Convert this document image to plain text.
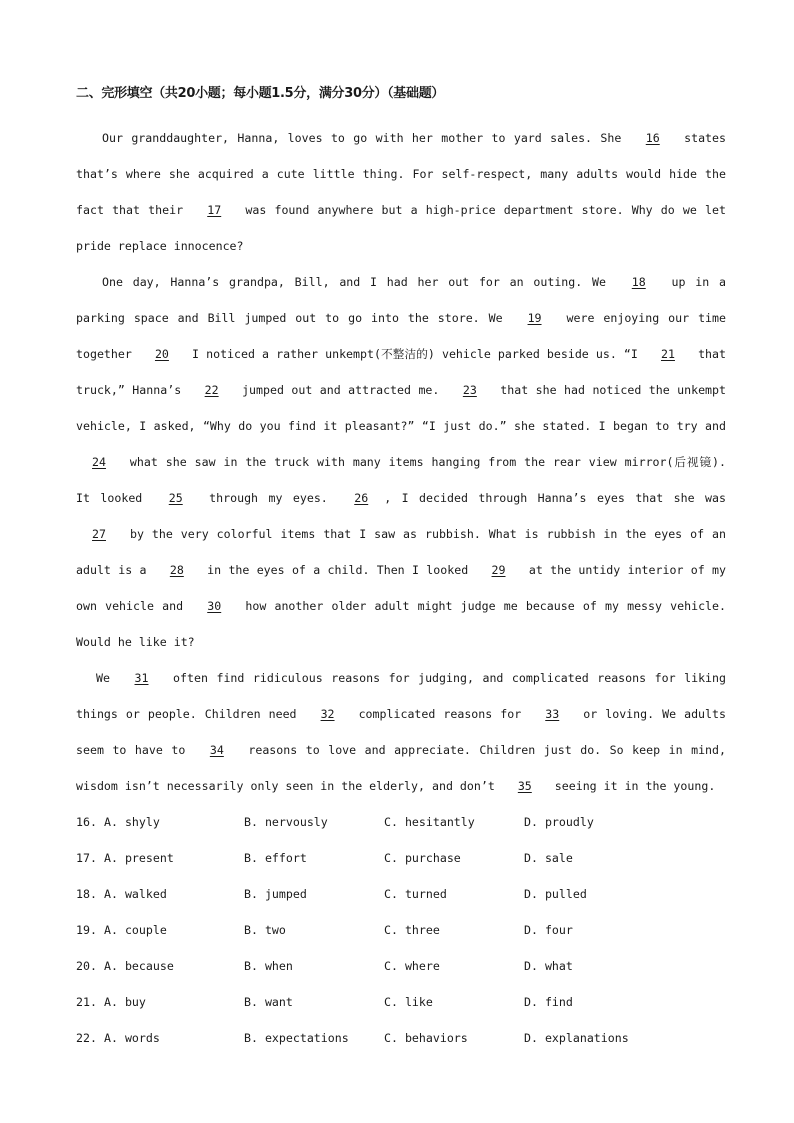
二、完形填空（共20小题；每小题1.5分，满分30分）（基础题）

Our granddaughter, Hanna, loves to go with her mother to yard sales. She 16 states that’s where she acquired a cute little thing. For self-respect, many adults would hide the fact that their 17 was found anywhere but a high-price department store. Why do we let pride replace innocence?

One day, Hanna’s grandpa, Bill, and I had her out for an outing. We 18 up in a parking space and Bill jumped out to go into the store. We 19 were enjoying our time together 20 I noticed a rather unkempt(不整洁的) vehicle parked beside us. “I 21 that truck,” Hanna’s 22 jumped out and attracted me. 23 that she had noticed the unkempt vehicle, I asked, “Why do you find it pleasant?” “I just do.” she stated. I began to try and 24 what she saw in the truck with many items hanging from the rear view mirror(后视镜). It looked 25 through my eyes. 26 , I decided through Hanna’s eyes that she was 27 by the very colorful items that I saw as rubbish. What is rubbish in the eyes of an adult is a 28 in the eyes of a child. Then I looked 29 at the untidy interior of my own vehicle and 30 how another older adult might judge me because of my messy vehicle. Would he like it?

We 31 often find ridiculous reasons for judging, and complicated reasons for liking things or people. Children need 32 complicated reasons for 33 or loving. We adults seem to have to 34 reasons to love and appreciate. Children just do. So keep in mind, wisdom isn’t necessarily only seen in the elderly, and don’t 35 seeing it in the young.

16. A. shyly	B. nervously	C. hesitantly	D. proudly
17. A. present	B. effort	C. purchase	D. sale
18. A. walked	B. jumped	C. turned	D. pulled
19. A. couple	B. two	C. three	D. four
20. A. because	B. when	C. where	D. what
21. A. buy	B. want	C. like	D. find
22. A. words	B. expectations	C. behaviors	D. explanations
